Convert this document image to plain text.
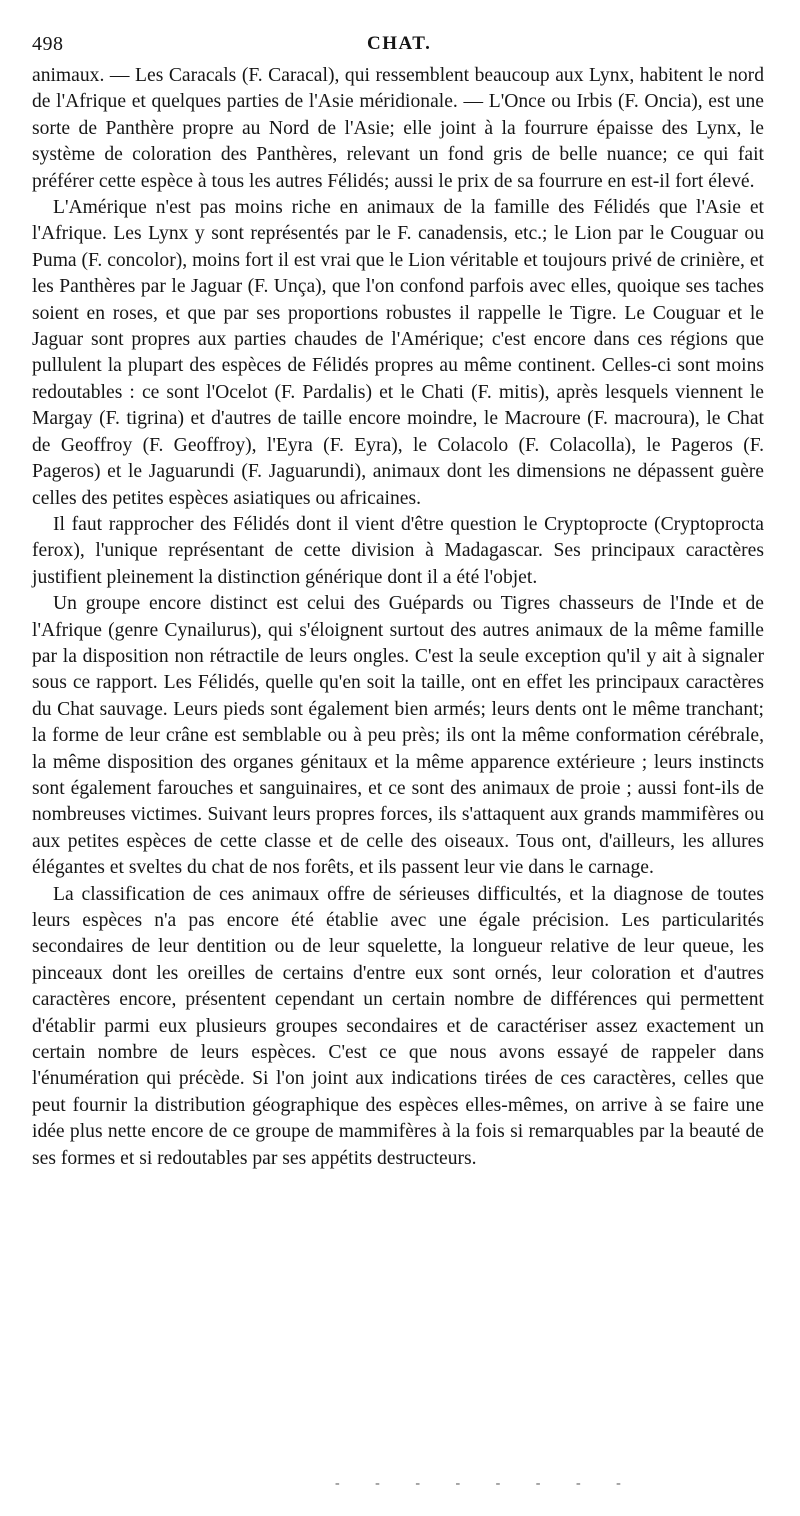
498	CHAT.

animaux. — Les Caracals (F. Caracal), qui ressemblent beaucoup aux Lynx, habitent le nord de l'Afrique et quelques parties de l'Asie méridionale. — L'Once ou Irbis (F. Oncia), est une sorte de Panthère propre au Nord de l'Asie; elle joint à la fourrure épaisse des Lynx, le système de coloration des Panthères, relevant un fond gris de belle nuance; ce qui fait préférer cette espèce à tous les autres Félidés; aussi le prix de sa fourrure en est-il fort élevé.

L'Amérique n'est pas moins riche en animaux de la famille des Félidés que l'Asie et l'Afrique. Les Lynx y sont représentés par le F. canadensis, etc.; le Lion par le Couguar ou Puma (F. concolor), moins fort il est vrai que le Lion véritable et toujours privé de crinière, et les Panthères par le Jaguar (F. Unça), que l'on confond parfois avec elles, quoique ses taches soient en roses, et que par ses proportions robustes il rappelle le Tigre. Le Couguar et le Jaguar sont propres aux parties chaudes de l'Amérique; c'est encore dans ces régions que pullulent la plupart des espèces de Félidés propres au même continent. Celles-ci sont moins redoutables : ce sont l'Ocelot (F. Pardalis) et le Chati (F. mitis), après lesquels viennent le Margay (F. tigrina) et d'autres de taille encore moindre, le Macroure (F. macroura), le Chat de Geoffroy (F. Geoffroy), l'Eyra (F. Eyra), le Colacolo (F. Colacolla), le Pageros (F. Pageros) et le Jaguarundi (F. Jaguarundi), animaux dont les dimensions ne dépassent guère celles des petites espèces asiatiques ou africaines.

Il faut rapprocher des Félidés dont il vient d'être question le Cryptoprocte (Cryptoprocta ferox), l'unique représentant de cette division à Madagascar. Ses principaux caractères justifient pleinement la distinction générique dont il a été l'objet.

Un groupe encore distinct est celui des Guépards ou Tigres chasseurs de l'Inde et de l'Afrique (genre Cynailurus), qui s'éloignent surtout des autres animaux de la même famille par la disposition non rétractile de leurs ongles. C'est la seule exception qu'il y ait à signaler sous ce rapport. Les Félidés, quelle qu'en soit la taille, ont en effet les principaux caractères du Chat sauvage. Leurs pieds sont également bien armés; leurs dents ont le même tranchant; la forme de leur crâne est semblable ou à peu près; ils ont la même conformation cérébrale, la même disposition des organes génitaux et la même apparence extérieure ; leurs instincts sont également farouches et sanguinaires, et ce sont des animaux de proie ; aussi font-ils de nombreuses victimes. Suivant leurs propres forces, ils s'attaquent aux grands mammifères ou aux petites espèces de cette classe et de celle des oiseaux. Tous ont, d'ailleurs, les allures élégantes et sveltes du chat de nos forêts, et ils passent leur vie dans le carnage.

La classification de ces animaux offre de sérieuses difficultés, et la diagnose de toutes leurs espèces n'a pas encore été établie avec une égale précision. Les particularités secondaires de leur dentition ou de leur squelette, la longueur relative de leur queue, les pinceaux dont les oreilles de certains d'entre eux sont ornés, leur coloration et d'autres caractères encore, présentent cependant un certain nombre de différences qui permettent d'établir parmi eux plusieurs groupes secondaires et de caractériser assez exactement un certain nombre de leurs espèces. C'est ce que nous avons essayé de rappeler dans l'énumération qui précède. Si l'on joint aux indications tirées de ces caractères, celles que peut fournir la distribution géographique des espèces elles-mêmes, on arrive à se faire une idée plus nette encore de ce groupe de mammifères à la fois si remarquables par la beauté de ses formes et si redoutables par ses appétits destructeurs.

- - - - - - - -
